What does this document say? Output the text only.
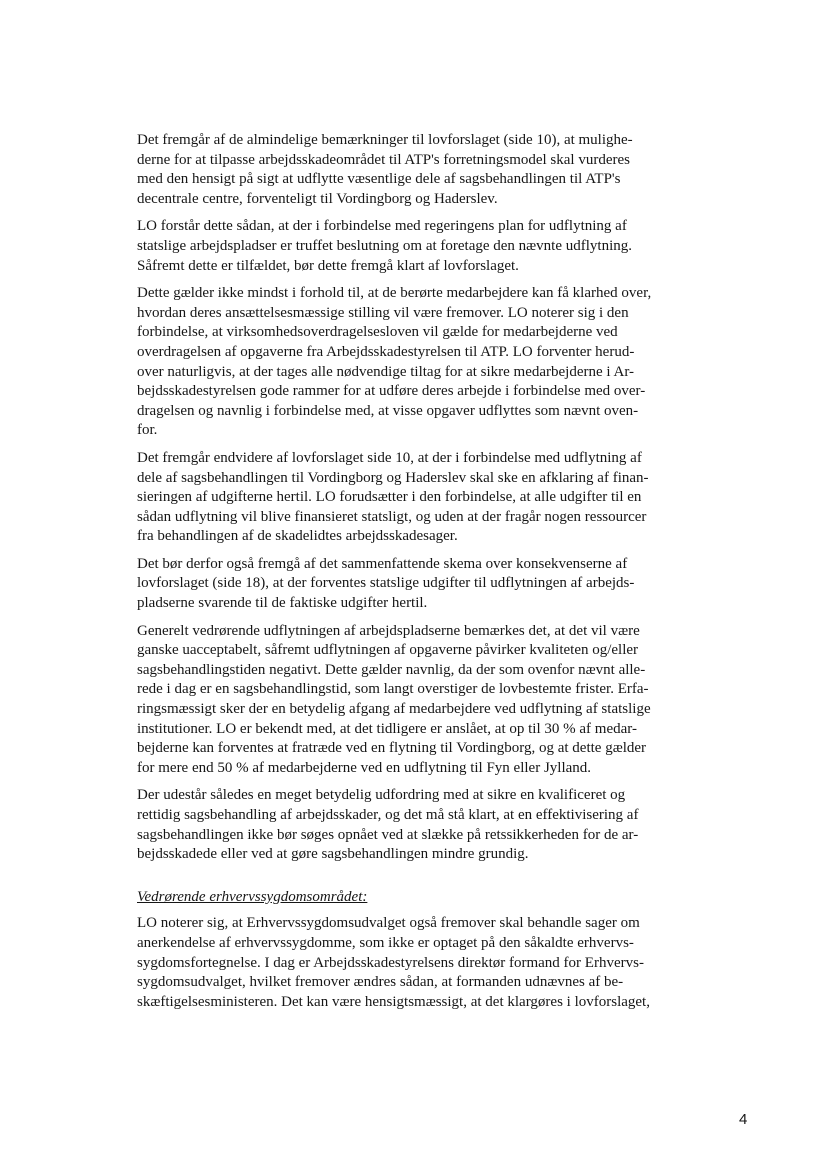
Det fremgår af de almindelige bemærkninger til lovforslaget (side 10), at mulighe-
derne for at tilpasse arbejdsskadeområdet til ATP's forretningsmodel skal vurderes
med den hensigt på sigt at udflytte væsentlige dele af sagsbehandlingen til ATP's
decentrale centre, forventeligt til Vordingborg og Haderslev.
LO forstår dette sådan, at der i forbindelse med regeringens plan for udflytning af
statslige arbejdspladser er truffet beslutning om at foretage den nævnte udflytning.
Såfremt dette er tilfældet, bør dette fremgå klart af lovforslaget.
Dette gælder ikke mindst i forhold til, at de berørte medarbejdere kan få klarhed over,
hvordan deres ansættelsesmæssige stilling vil være fremover. LO noterer sig i den
forbindelse, at virksomhedsoverdragelsesloven vil gælde for medarbejderne ved
overdragelsen af opgaverne fra Arbejdsskadestyrelsen til ATP. LO forventer herud-
over naturligvis, at der tages alle nødvendige tiltag for at sikre medarbejderne i Ar-
bejdsskadestyrelsen gode rammer for at udføre deres arbejde i forbindelse med over-
dragelsen og navnlig i forbindelse med, at visse opgaver udflyttes som nævnt oven-
for.
Det fremgår endvidere af lovforslaget side 10, at der i forbindelse med udflytning af
dele af sagsbehandlingen til Vordingborg og Haderslev skal ske en afklaring af finan-
sieringen af udgifterne hertil. LO forudsætter i den forbindelse, at alle udgifter til en
sådan udflytning vil blive finansieret statsligt, og uden at der fragår nogen ressourcer
fra behandlingen af de skadelidtes arbejdsskadesager.
Det bør derfor også fremgå af det sammenfattende skema over konsekvenserne af
lovforslaget (side 18), at der forventes statslige udgifter til udflytningen af arbejds-
pladserne svarende til de faktiske udgifter hertil.
Generelt vedrørende udflytningen af arbejdspladserne bemærkes det, at det vil være
ganske uacceptabelt, såfremt udflytningen af opgaverne påvirker kvaliteten og/eller
sagsbehandlingstiden negativt. Dette gælder navnlig, da der som ovenfor nævnt alle-
rede i dag er en sagsbehandlingstid, som langt overstiger de lovbestemte frister. Erfa-
ringsmæssigt sker der en betydelig afgang af medarbejdere ved udflytning af statslige
institutioner. LO er bekendt med, at det tidligere er anslået, at op til 30 % af medar-
bejderne kan forventes at fratræde ved en flytning til Vordingborg, og at dette gælder
for mere end 50 % af medarbejderne ved en udflytning til Fyn eller Jylland.
Der udestår således en meget betydelig udfordring med at sikre en kvalificeret og
rettidig sagsbehandling af arbejdsskader, og det må stå klart, at en effektivisering af
sagsbehandlingen ikke bør søges opnået ved at slække på retssikkerheden for de ar-
bejdsskadede eller ved at gøre sagsbehandlingen mindre grundig.
Vedrørende erhvervssygdomsområdet:
LO noterer sig, at Erhvervssygdomsudvalget også fremover skal behandle sager om
anerkendelse af erhvervssygdomme, som ikke er optaget på den såkaldte erhvervs-
sygdomsfortegnelse. I dag er Arbejdsskadestyrelsens direktør formand for Erhvervs-
sygdomsudvalget, hvilket fremover ændres sådan, at formanden udnævnes af be-
skæftigelsesministeren. Det kan være hensigtsmæssigt, at det klargøres i lovforslaget,
4
